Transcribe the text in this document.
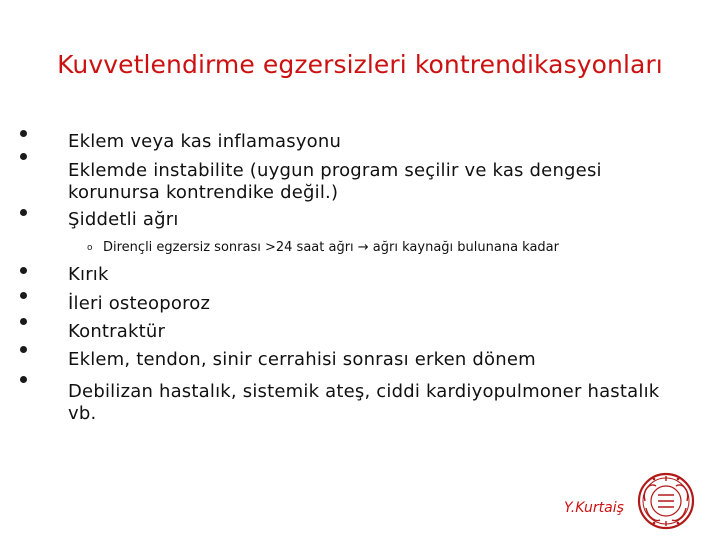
Kuvvetlendirme egzersizleri kontrendikasyonları
Eklem veya kas inflamasyonu
Eklemde instabilite (uygun program seçilir ve kas dengesi
korunursa kontrendike değil.)
Şiddetli ağrı
o Dirençli egzersiz sonrası >24 saat ağrı → ağrı kaynağı bulunana kadar
Kırık
İleri osteoporoz
Kontraktür
Eklem, tendon, sinir cerrahisi sonrası erken dönem
Debilizan hastalık, sistemik ateş, ciddi kardiyopulmoner hastalık
vb.
Y.Kurtaiş
